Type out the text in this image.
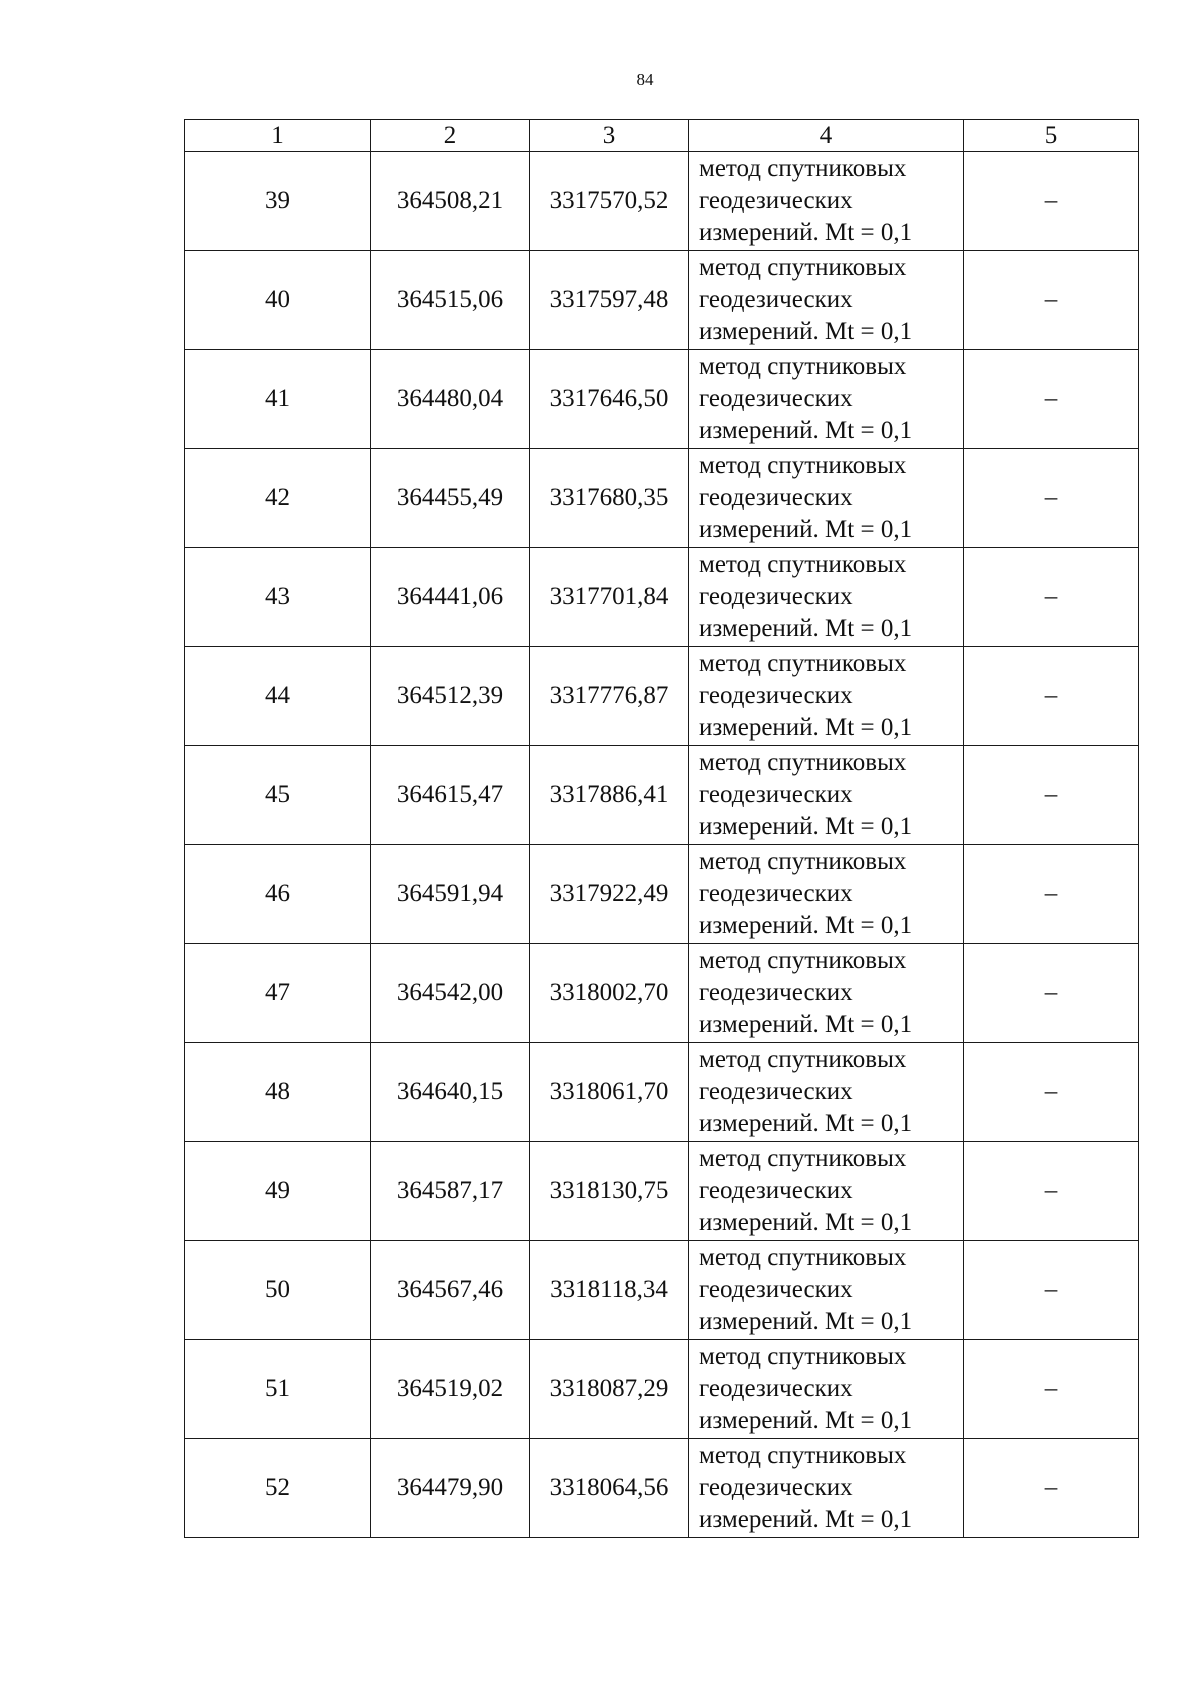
84
1	2	3	4	5
39	364508,21	3317570,52	метод спутниковых
геодезических
измерений. Mt = 0,1	–
40	364515,06	3317597,48	метод спутниковых
геодезических
измерений. Mt = 0,1	–
41	364480,04	3317646,50	метод спутниковых
геодезических
измерений. Mt = 0,1	–
42	364455,49	3317680,35	метод спутниковых
геодезических
измерений. Mt = 0,1	–
43	364441,06	3317701,84	метод спутниковых
геодезических
измерений. Mt = 0,1	–
44	364512,39	3317776,87	метод спутниковых
геодезических
измерений. Mt = 0,1	–
45	364615,47	3317886,41	метод спутниковых
геодезических
измерений. Mt = 0,1	–
46	364591,94	3317922,49	метод спутниковых
геодезических
измерений. Mt = 0,1	–
47	364542,00	3318002,70	метод спутниковых
геодезических
измерений. Mt = 0,1	–
48	364640,15	3318061,70	метод спутниковых
геодезических
измерений. Mt = 0,1	–
49	364587,17	3318130,75	метод спутниковых
геодезических
измерений. Mt = 0,1	–
50	364567,46	3318118,34	метод спутниковых
геодезических
измерений. Mt = 0,1	–
51	364519,02	3318087,29	метод спутниковых
геодезических
измерений. Mt = 0,1	–
52	364479,90	3318064,56	метод спутниковых
геодезических
измерений. Mt = 0,1	–
